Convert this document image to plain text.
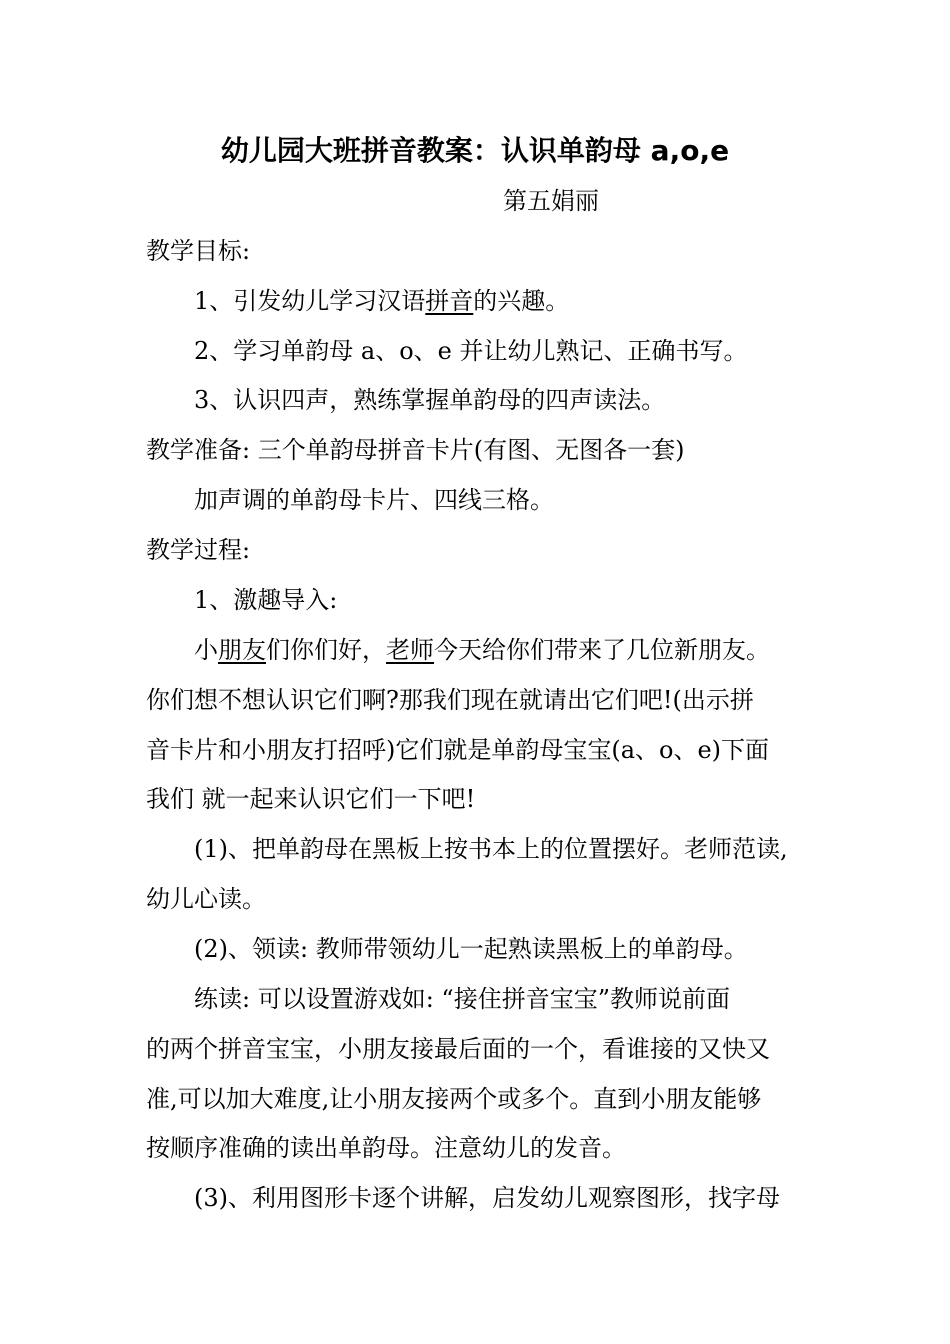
幼儿园大班拼音教案：认识单韵母 a,o,e
第五娟丽
教学目标:
1、引发幼儿学习汉语拼音的兴趣。
2、学习单韵母 a、o、e 并让幼儿熟记、正确书写。
3、认识四声，熟练掌握单韵母的四声读法。
教学准备: 三个单韵母拼音卡片(有图、无图各一套)
加声调的单韵母卡片、四线三格。
教学过程:
1、激趣导入:
小朋友们你们好，老师今天给你们带来了几位新朋友。
你们想不想认识它们啊?那我们现在就请出它们吧!(出示拼
音卡片和小朋友打招呼)它们就是单韵母宝宝(a、o、e)下面
我们 就一起来认识它们一下吧!
(1)、把单韵母在黑板上按书本上的位置摆好。老师范读,
幼儿心读。
(2)、领读: 教师带领幼儿一起熟读黑板上的单韵母。
练读: 可以设置游戏如: “接住拼音宝宝”教师说前面
的两个拼音宝宝，小朋友接最后面的一个，看谁接的又快又
准,可以加大难度,让小朋友接两个或多个。直到小朋友能够
按顺序准确的读出单韵母。注意幼儿的发音。
(3)、利用图形卡逐个讲解，启发幼儿观察图形，找字母
